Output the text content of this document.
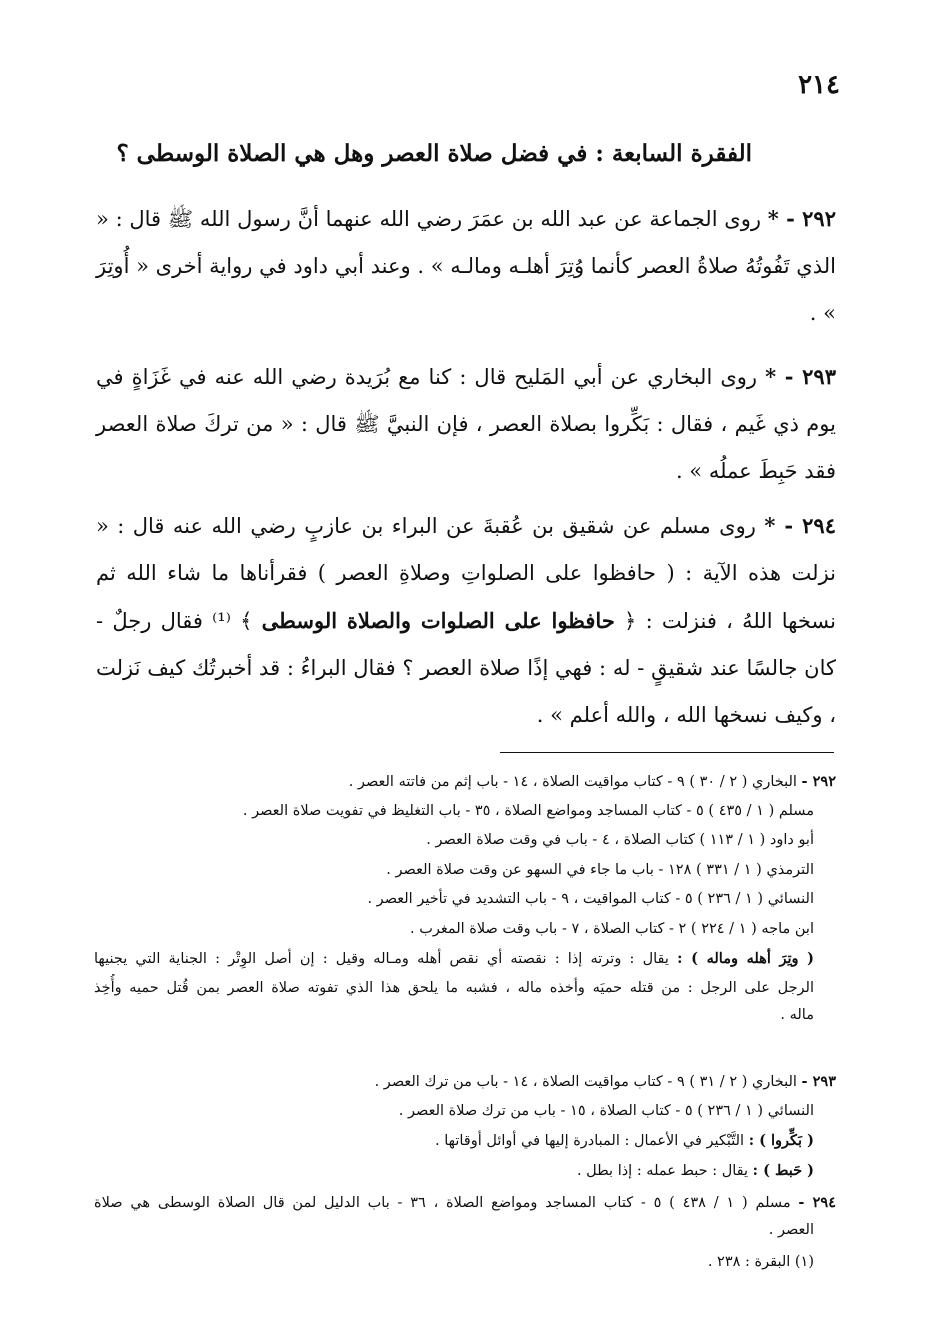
٢١٤
الفقرة السابعة : في فضل صلاة العصر وهل هي الصلاة الوسطى ؟
٢٩٢ - * روى الجماعة عن عبد الله بن عمَرَ رضي الله عنهما أنَّ رسول الله ﷺ قال : « الذي تَفُوتُهُ صلاةُ العصر كأنما وُتِرَ أهلـه ومالـه » . وعند أبي داود في رواية أخرى « أُوتِرَ » .
٢٩٣ - * روى البخاري عن أبي المَليح قال : كنا مع بُرَيدة رضي الله عنه في غَزَاةٍ في يوم ذي غَيم ، فقال : بَكِّروا بصلاة العصر ، فإن النبيَّ ﷺ قال : « من تركَ صلاة العصر فقد حَبِطَ عملُه » .
٢٩٤ - * روى مسلم عن شقيق بن عُقبةَ عن البراء بن عازبٍ رضي الله عنه قال : « نزلت هذه الآية : ( حافظوا على الصلواتِ وصلاةِ العصر ) فقرأناها ما شاء الله ثم نسخها اللهُ ، فنزلت : ﴿ حافظوا على الصلوات والصلاة الوسطى ﴾ ⁽¹⁾ فقال رجلٌ - كان جالسًا عند شقيقٍ - له : فهي إذًا صلاة العصر ؟ فقال البراءُ : قد أخبرتُك كيف نَزلت ، وكيف نسخها الله ، والله أعلم » .
٢٩٢ - البخاري ( ٢ / ٣٠ ) ٩ - كتاب مواقيت الصلاة ، ١٤ - باب إثم من فاتته العصر .
مسلم ( ١ / ٤٣٥ ) ٥ - كتاب المساجد ومواضع الصلاة ، ٣٥ - باب التغليظ في تفويت صلاة العصر .
أبو داود ( ١ / ١١٣ ) كتاب الصلاة ، ٤ - باب في وقت صلاة العصر .
الترمذي ( ١ / ٣٣١ ) ١٢٨ - باب ما جاء في السهو عن وقت صلاة العصر .
النسائي ( ١ / ٢٣٦ ) ٥ - كتاب المواقيت ، ٩ - باب التشديد في تأخير العصر .
ابن ماجه ( ١ / ٢٢٤ ) ٢ - كتاب الصلاة ، ٧ - باب وقت صلاة المغرب .
( وتِرَ أهله وماله ) : يقال : وترته إذا : نقصته أي نقص أهله ومـاله وقيل : إن أصل الوِتْر : الجناية التي يجنيها
الرجل على الرجل : من قتله حميَه وأخذه ماله ، فشبه ما يلحق هذا الذي تفوته صلاة العصر بمن قُتل حميه وأُخِذ
ماله .
٢٩٣ - البخاري ( ٢ / ٣١ ) ٩ - كتاب مواقيت الصلاة ، ١٤ - باب من ترك العصر .
النسائي ( ١ / ٢٣٦ ) ٥ - كتاب الصلاة ، ١٥ - باب من ترك صلاة العصر .
( بَكِّروا ) : التَّبْكير في الأعمال : المبادرة إليها في أوائل أوقاتها .
( حَبط ) : يقال : حبط عمله : إذا بطل .
٢٩٤ - مسلم ( ١ / ٤٣٨ ) ٥ - كتاب المساجد ومواضع الصلاة ، ٣٦ - باب الدليل لمن قال الصلاة الوسطى هي صلاة
العصر .
(١) البقرة : ٢٣٨ .
